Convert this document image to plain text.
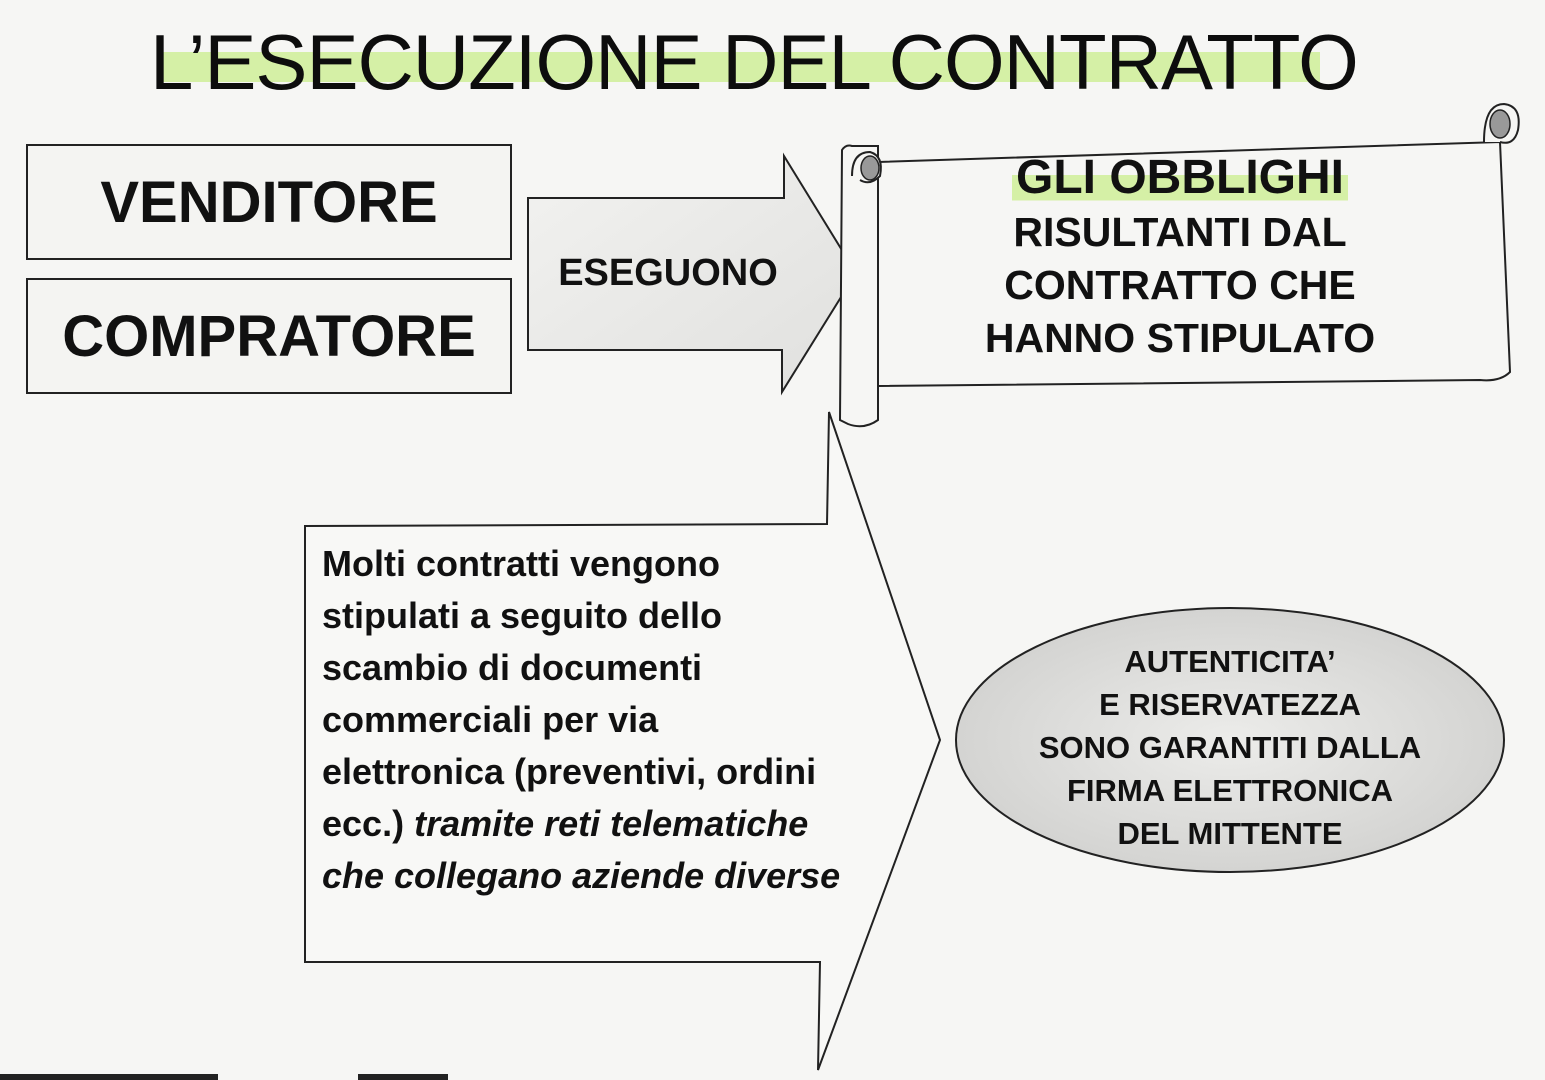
L’ESECUZIONE DEL CONTRATTO
VENDITORE
COMPRATORE
ESEGUONO
GLI OBBLIGHI
RISULTANTI DAL
CONTRATTO CHE
HANNO STIPULATO
Molti contratti vengono stipulati a seguito dello scambio di documenti commerciali per via elettronica (preventivi, ordini ecc.) tramite reti telematiche che collegano aziende diverse
AUTENTICITA’
E RISERVATEZZA
SONO GARANTITI DALLA
FIRMA ELETTRONICA
DEL MITTENTE
